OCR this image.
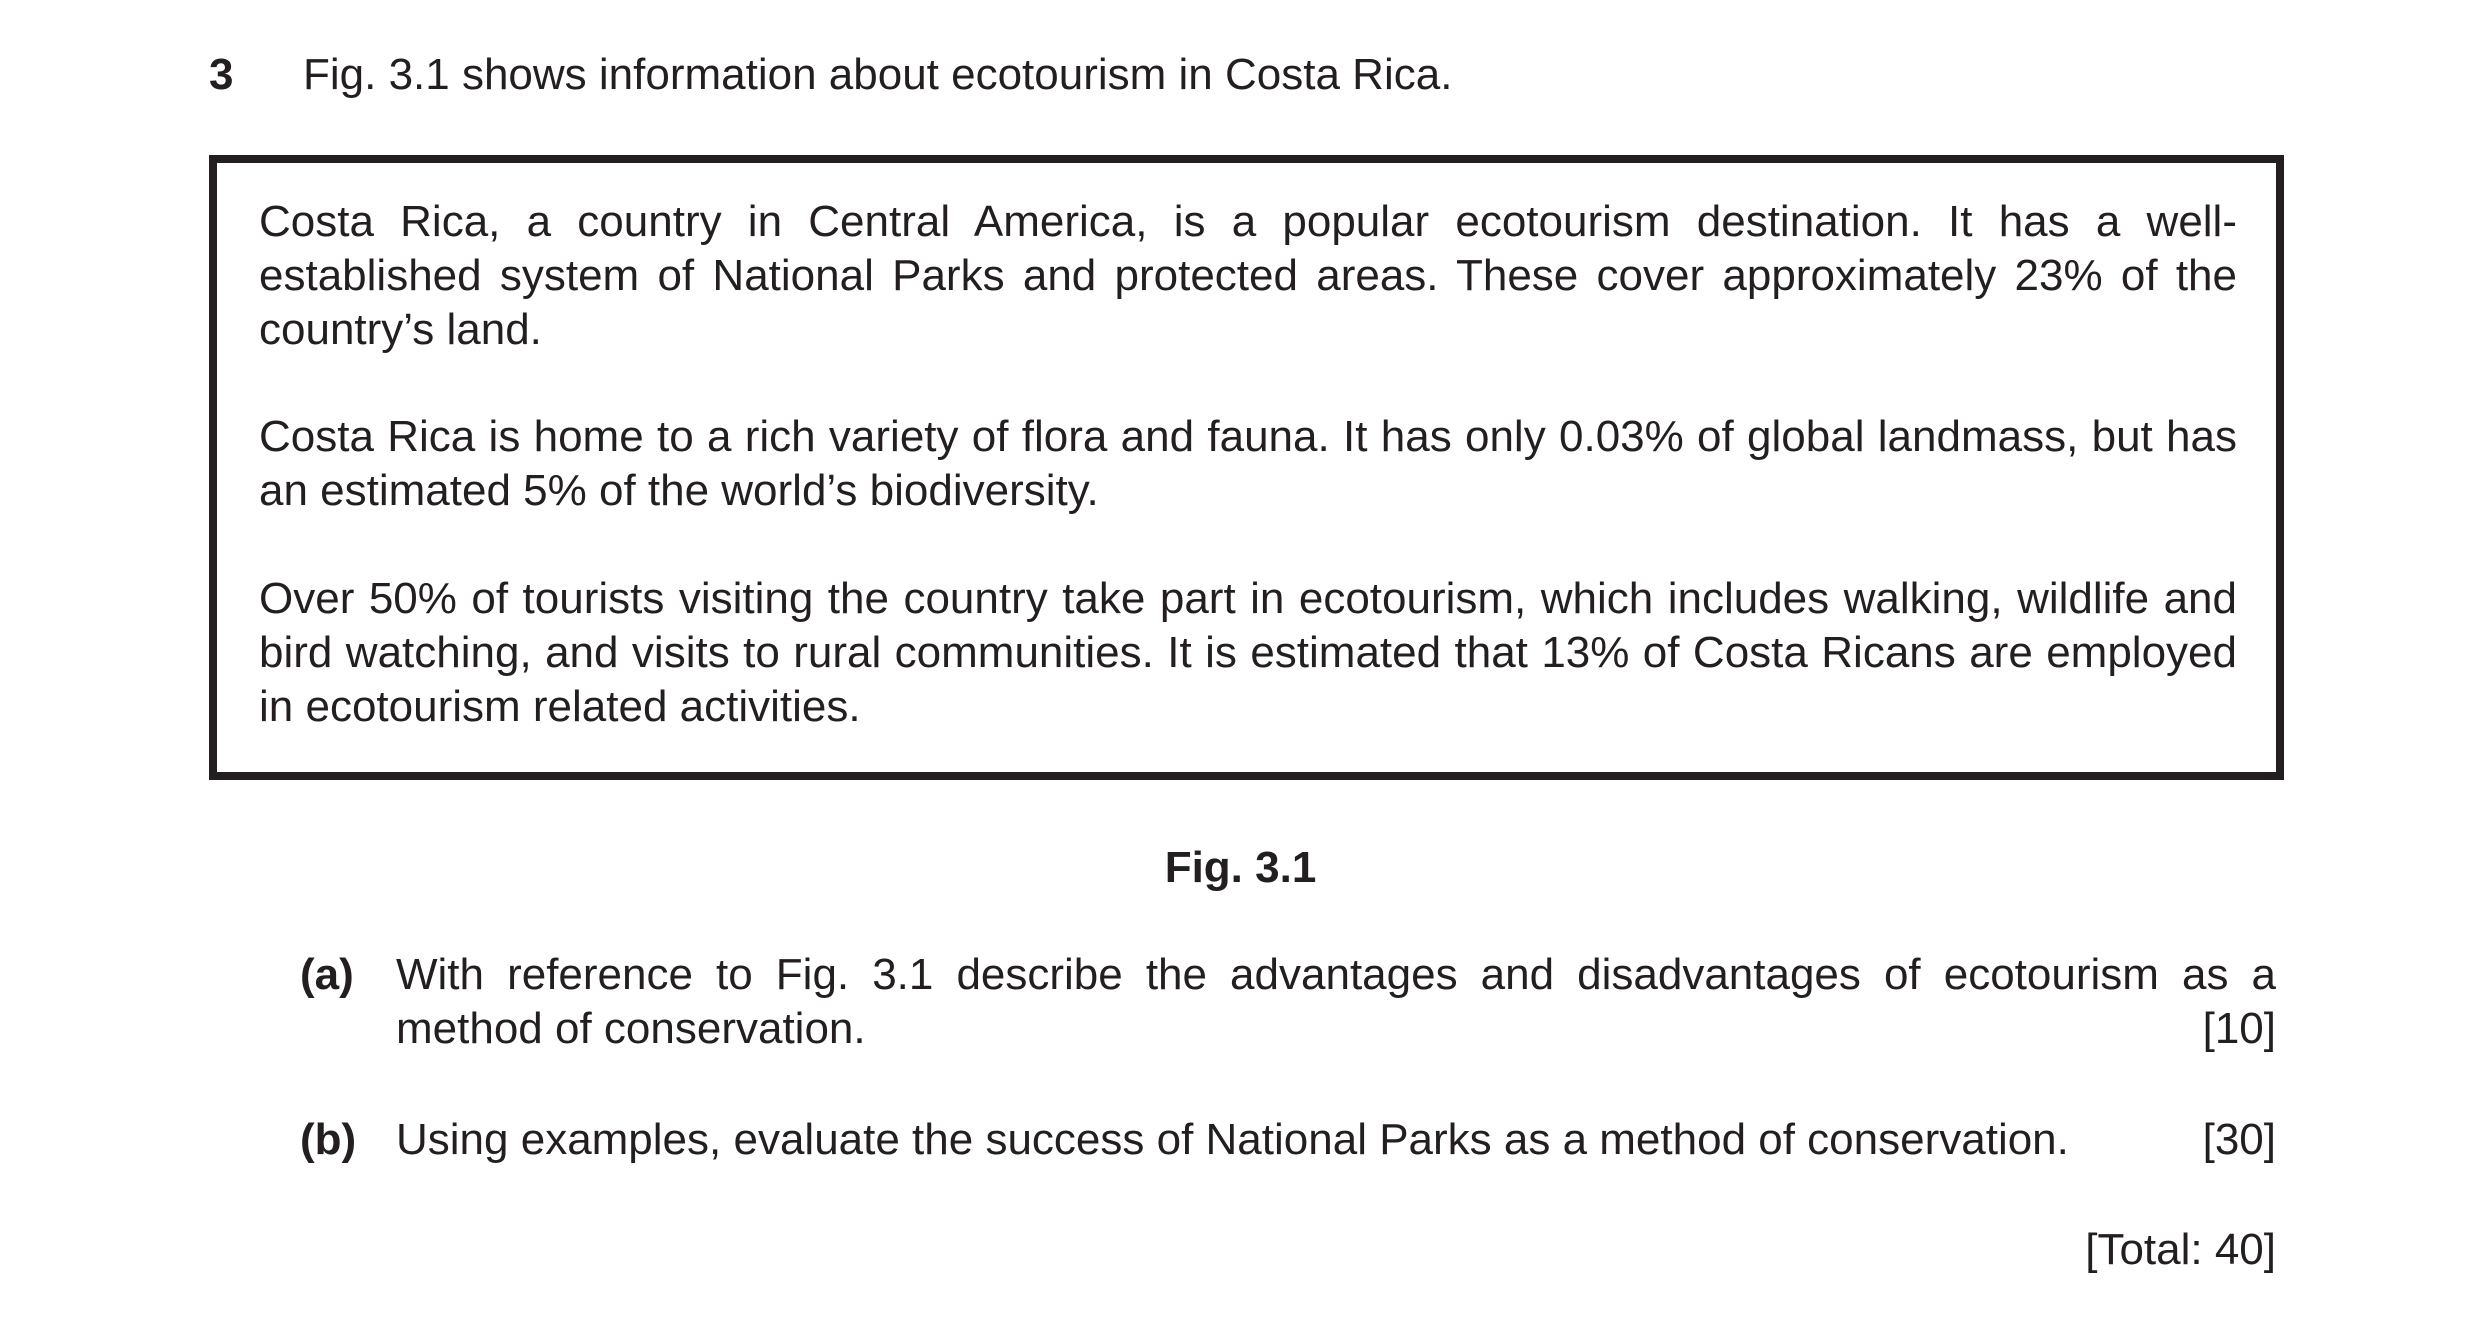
3 Fig. 3.1 shows information about ecotourism in Costa Rica.
Costa Rica, a country in Central America, is a popular ecotourism destination. It has a well-established system of National Parks and protected areas. These cover approximately 23% of the country’s land.
Costa Rica is home to a rich variety of flora and fauna. It has only 0.03% of global landmass, but has an estimated 5% of the world’s biodiversity.
Over 50% of tourists visiting the country take part in ecotourism, which includes walking, wildlife and bird watching, and visits to rural communities. It is estimated that 13% of Costa Ricans are employed in ecotourism related activities.
Fig. 3.1
(a) With reference to Fig. 3.1 describe the advantages and disadvantages of ecotourism as a
method of conservation.	[10]
(b) Using examples, evaluate the success of National Parks as a method of conservation.	[30]
[Total: 40]
